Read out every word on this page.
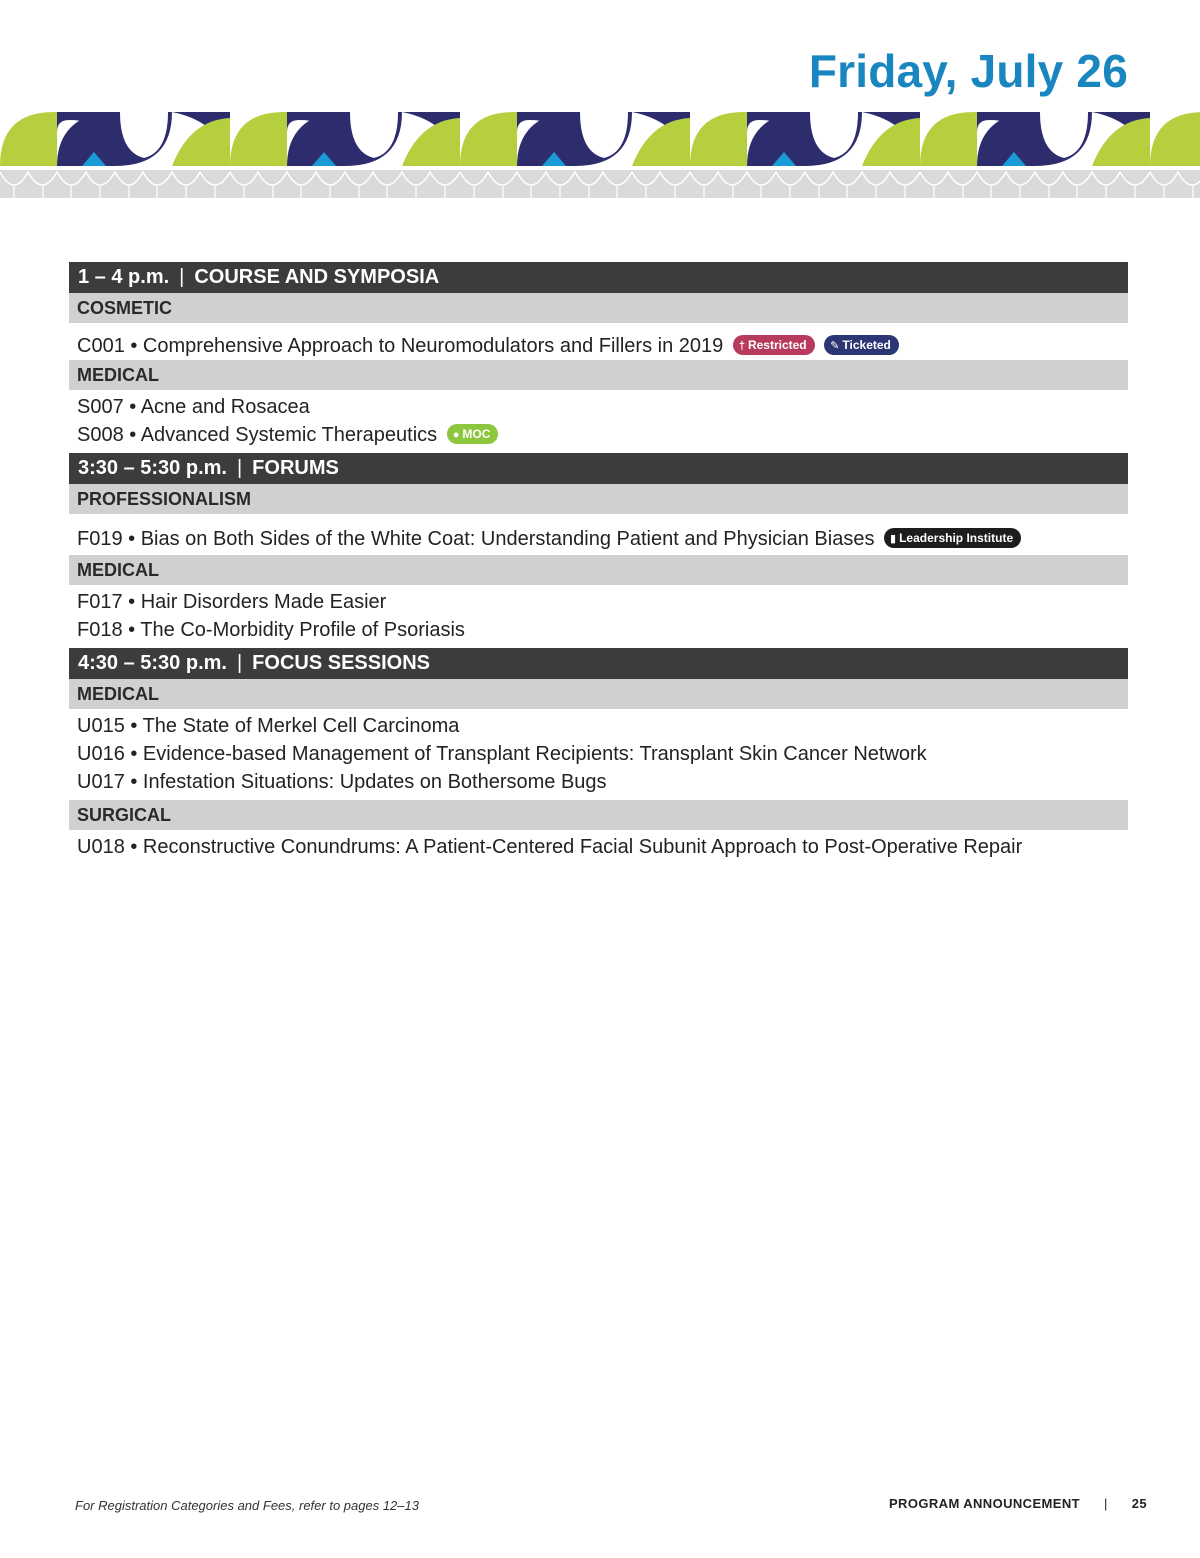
Friday, July 26
1 – 4 p.m. | COURSE AND SYMPOSIA
COSMETIC
C001 • Comprehensive Approach to Neuromodulators and Fillers in 2019 † Restricted ✎ Ticketed
MEDICAL
S007 • Acne and Rosacea
S008 • Advanced Systemic Therapeutics ● MOC
3:30 – 5:30 p.m. | FORUMS
PROFESSIONALISM
F019 • Bias on Both Sides of the White Coat: Understanding Patient and Physician Biases ▮ Leadership Institute
MEDICAL
F017 • Hair Disorders Made Easier
F018 • The Co-Morbidity Profile of Psoriasis
4:30 – 5:30 p.m. | FOCUS SESSIONS
MEDICAL
U015 • The State of Merkel Cell Carcinoma
U016 • Evidence-based Management of Transplant Recipients: Transplant Skin Cancer Network
U017 • Infestation Situations: Updates on Bothersome Bugs
SURGICAL
U018 • Reconstructive Conundrums: A Patient-Centered Facial Subunit Approach to Post-Operative Repair
For Registration Categories and Fees, refer to pages 12–13	PROGRAM ANNOUNCEMENT | 25
